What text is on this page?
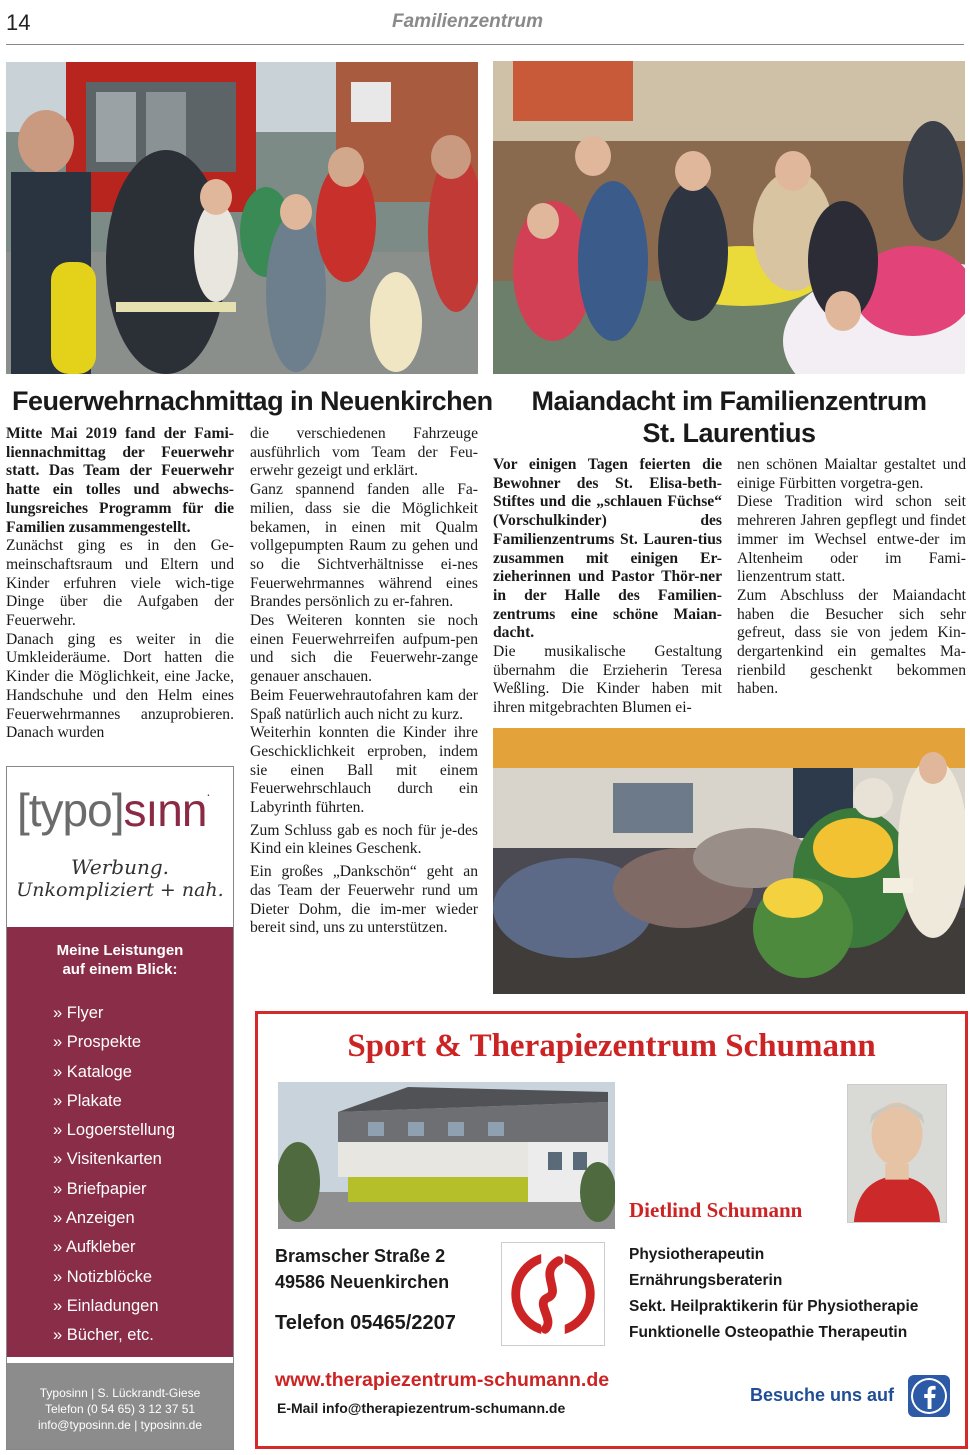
14	Familienzentrum
Feuerwehrnachmittag in Neuenkirchen	Maiandacht im Familienzentrum
St. Laurentius

Mitte Mai 2019 fand der Fami-liennachmittag der Feuerwehr statt. Das Team der Feuerwehr hatte ein tolles und abwechs-lungsreiches Programm für die Familien zusammengestellt.

Zunächst ging es in den Ge-meinschaftsraum und Eltern und Kinder erfuhren viele wich-tige Dinge über die Aufgaben der Feuerwehr.

Danach ging es weiter in die Umkleideräume. Dort hatten die Kinder die Möglichkeit, eine Jacke, Handschuhe und den Helm eines Feuerwehrmannes anzuprobieren. Danach wurden

die verschiedenen Fahrzeuge ausführlich vom Team der Feu-erwehr gezeigt und erklärt.

Ganz spannend fanden alle Fa-milien, dass sie die Möglichkeit bekamen, in einen mit Qualm vollgepumpten Raum zu gehen und so die Sichtverhältnisse ei-nes Feuerwehrmannes während eines Brandes persönlich zu er-fahren.

Des Weiteren konnten sie noch einen Feuerwehrreifen aufpum-pen und sich die Feuerwehr-zange genauer anschauen.

Beim Feuerwehrautofahren kam der Spaß natürlich auch nicht zu kurz.

Weiterhin konnten die Kinder ihre Geschicklichkeit erproben, indem sie einen Ball mit einem Feuerwehrschlauch durch ein Labyrinth führten.

Zum Schluss gab es noch für je-des Kind ein kleines Geschenk.

Ein großes „Dankschön“ geht an das Team der Feuerwehr rund um Dieter Dohm, die im-mer wieder bereit sind, uns zu unterstützen.

Vor einigen Tagen feierten die Bewohner des St. Elisa-beth-Stiftes und die „schlauen Füchse“ (Vorschulkinder) des Familienzentrums St. Lauren-tius zusammen mit einigen Er-zieherinnen und Pastor Thör-ner in der Halle des Familien-zentrums eine schöne Maian-dacht.

Die musikalische Gestaltung übernahm die Erzieherin Teresa Weßling. Die Kinder haben mit ihren mitgebrachten Blumen ei-

nen schönen Maialtar gestaltet und einige Fürbitten vorgetra-gen.

Diese Tradition wird schon seit mehreren Jahren gepflegt und findet immer im Wechsel entwe-der im Altenheim oder im Fami-lienzentrum statt.

Zum Abschluss der Maiandacht haben die Besucher sich sehr gefreut, dass sie von jedem Kin-dergartenkind ein gemaltes Ma-rienbild geschenkt bekommen haben.

[typo]sınn.
Werbung.
Unkompliziert + nah.
Meine Leistungen
auf einem Blick:
» Flyer
» Prospekte
» Kataloge
» Plakate
» Logoerstellung
» Visitenkarten
» Briefpapier
» Anzeigen
» Aufkleber
» Notizblöcke
» Einladungen
» Bücher, etc.
Typosinn | S. Lückrandt-Giese
Telefon (0 54 65) 3 12 37 51
info@typosinn.de | typosinn.de
Sport & Therapiezentrum Schumann
Dietlind Schumann
Bramscher Straße 2
49586 Neuenkirchen
Telefon 05465/2207
Physiotherapeutin
Ernährungsberaterin
Sekt. Heilpraktikerin für Physiotherapie
Funktionelle Osteopathie Therapeutin
www.therapiezentrum-schumann.de
E-Mail info@therapiezentrum-schumann.de
Besuche uns auf
